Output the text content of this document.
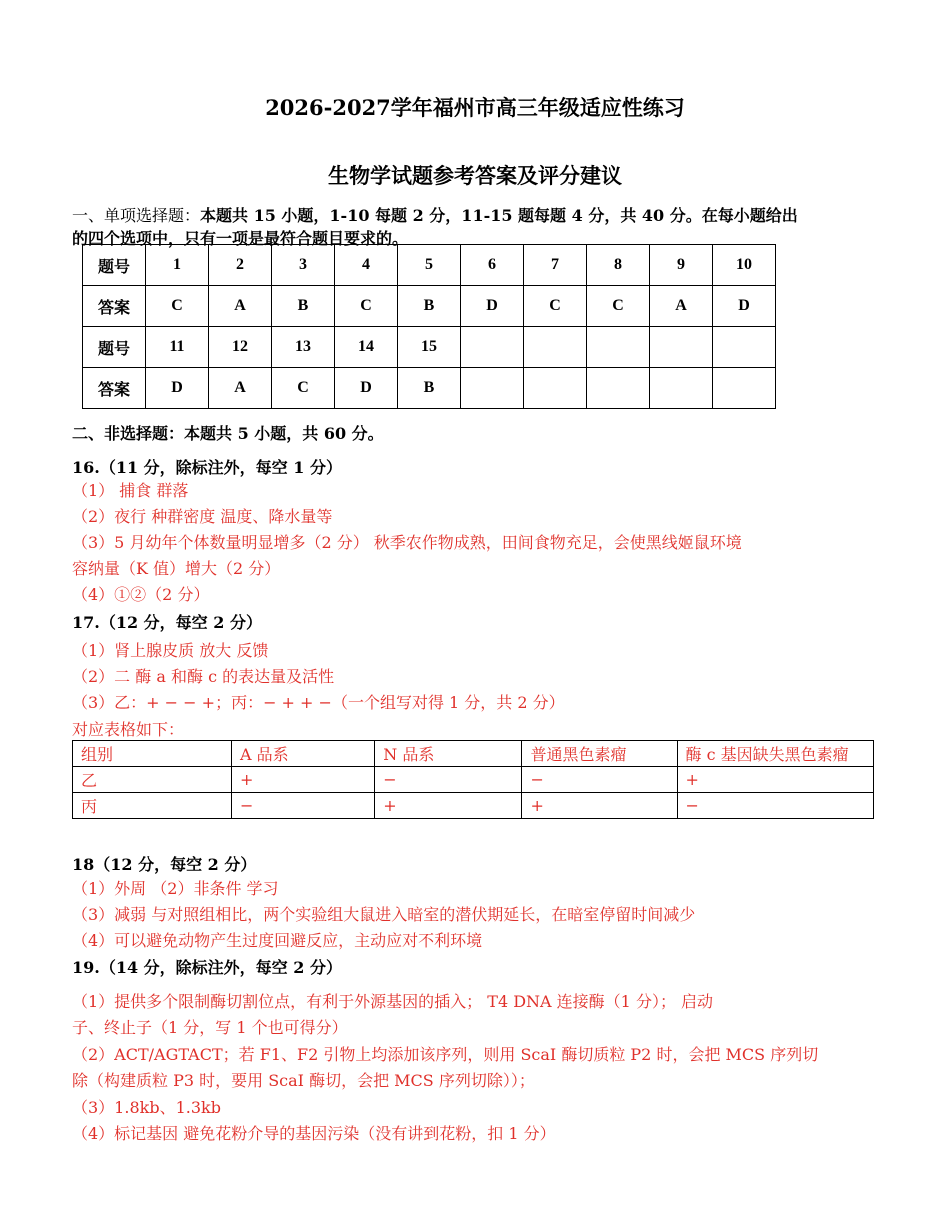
2026-2027学年福州市高三年级适应性练习
生物学试题参考答案及评分建议
一、单项选择题：本题共 15 小题，1-10 每题 2 分，11-15 题每题 4 分，共 40 分。在每小题给出
的四个选项中，只有一项是最符合题目要求的。
题号	1	2	3	4	5	6	7	8	9	10
答案	C	A	B	C	B	D	C	C	A	D
题号	11	12	13	14	15					
答案	D	A	C	D	B					
二、非选择题：本题共 5 小题，共 60 分。
16.（11 分，除标注外，每空 1 分）
（1） 捕食 群落
（2）夜行 种群密度 温度、降水量等
（3）5 月幼年个体数量明显增多（2 分） 秋季农作物成熟，田间食物充足，会使黑线姬鼠环境
容纳量（K 值）增大（2 分）
（4）①②（2 分）
17.（12 分，每空 2 分）
（1）肾上腺皮质 放大 反馈
（2）二 酶 a 和酶 c 的表达量及活性
（3）乙：+ − − +；丙：− + + −（一个组写对得 1 分，共 2 分）
对应表格如下：
组别	A 品系	N 品系	普通黑色素瘤	酶 c 基因缺失黑色素瘤
乙	+	−	−	+
丙	−	+	+	−
18（12 分，每空 2 分）
（1）外周 （2）非条件 学习
（3）减弱 与对照组相比，两个实验组大鼠进入暗室的潜伏期延长，在暗室停留时间减少
（4）可以避免动物产生过度回避反应，主动应对不利环境
19.（14 分，除标注外，每空 2 分）
（1）提供多个限制酶切割位点，有利于外源基因的插入； T4 DNA 连接酶（1 分）； 启动
子、终止子（1 分，写 1 个也可得分）
（2）ACT/AGTACT；若 F1、F2 引物上均添加该序列，则用 ScaⅠ 酶切质粒 P2 时，会把 MCS 序列切
除（构建质粒 P3 时，要用 ScaⅠ 酶切，会把 MCS 序列切除））；
（3）1.8kb、1.3kb
（4）标记基因 避免花粉介导的基因污染（没有讲到花粉，扣 1 分）
